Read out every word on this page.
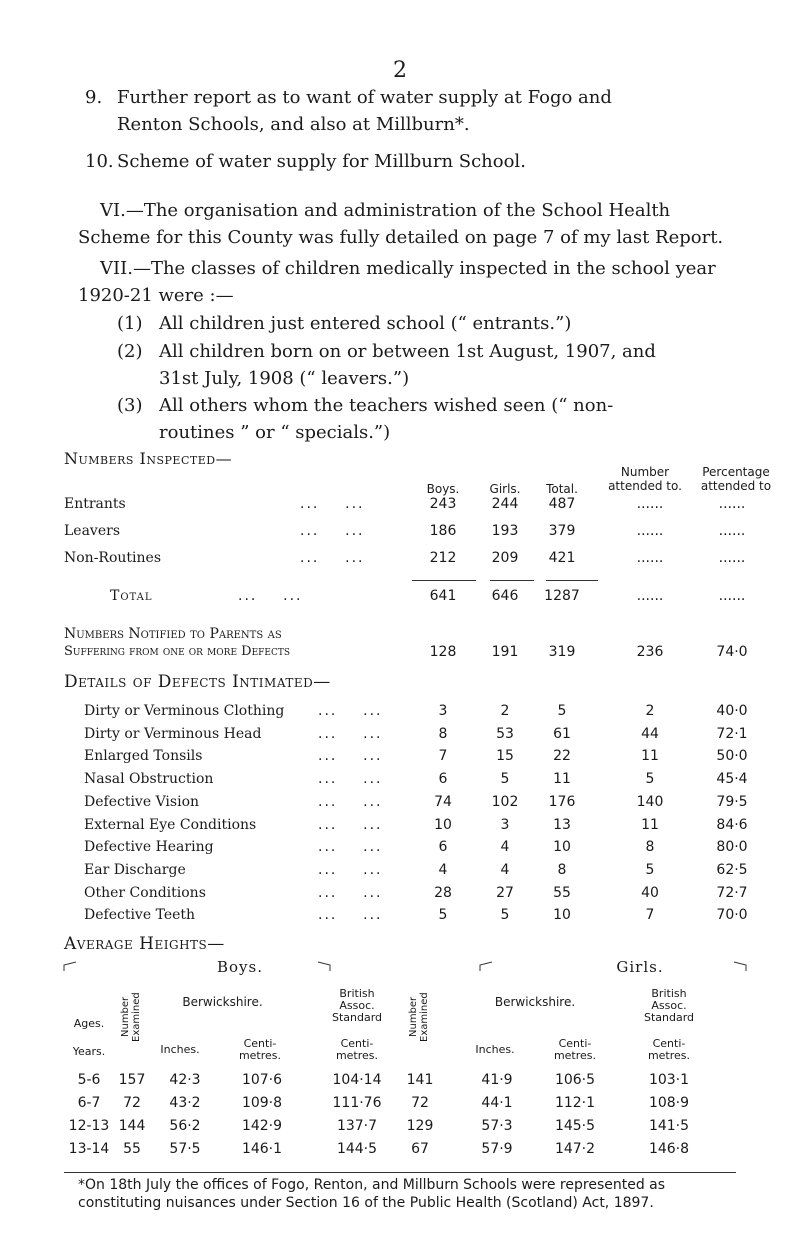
2
9. Further report as to want of water supply at Fogo and
Renton Schools, and also at Millburn*.
10. Scheme of water supply for Millburn School.
VI.—The organisation and administration of the School Health Scheme for this County was fully detailed on page 7 of my last Report.
VII.—The classes of children medically inspected in the school year 1920-21 were :—
(1) All children just entered school (“ entrants.”)
(2) All children born on or between 1st August, 1907, and
31st July, 1908 (“ leavers.”)
(3) All others whom the teachers wished seen (“ non-
routines ” or “ specials.”)
Numbers Inspected—
Boys.	Girls.	Total.
Number attended to.
Percentage attended to
Entrants	...    ...	243	244	487	......	......
Leavers	...    ...	186	193	379	......	......
Non-Routines	...    ...	212	209	421	......	......
Total	...    ...	641	646	1287	......	......
Numbers Notified to Parents as
Suffering from one or more Defects	128	191	319	236	74·0
Details of Defects Intimated—
Dirty or Verminous Clothing ...    ...	3	2	5	2	40·0
Dirty or Verminous Head	...    ...	8	53	61	44	72·1
Enlarged Tonsils	...    ...	7	15	22	11	50·0
Nasal Obstruction	...    ...	6	5	11	5	45·4
Defective Vision	...    ...	74	102	176	140	79·5
External Eye Conditions	...    ...	10	3	13	11	84·6
Defective Hearing	...    ...	6	4	10	8	80·0
Ear Discharge	...    ...	4	4	8	5	62·5
Other Conditions	...    ...	28	27	55	40	72·7
Defective Teeth	...    ...	5	5	10	7	70·0
Average Heights—
Boys.	Girls.
Ages.
Years.
Number Examined	Berwickshire.
Inches.	Centi- metres.
British Assoc. Standard
Centi- metres.
Number Examined	Berwickshire.
Inches.	Centi- metres.
British Assoc. Standard
Centi- metres.
5-6	157	42·3	107·6	104·14	141	41·9	106·5	103·1
6-7	72	43·2	109·8	111·76	72	44·1	112·1	108·9
12-13 144	56·2	142·9	137·7	129	57·3	145·5	141·5
13-14 55	57·5	146·1	144·5	67	57·9	147·2	146·8
*On 18th July the offices of Fogo, Renton, and Millburn Schools were represented as constituting nuisances under Section 16 of the Public Health (Scotland) Act, 1897.
